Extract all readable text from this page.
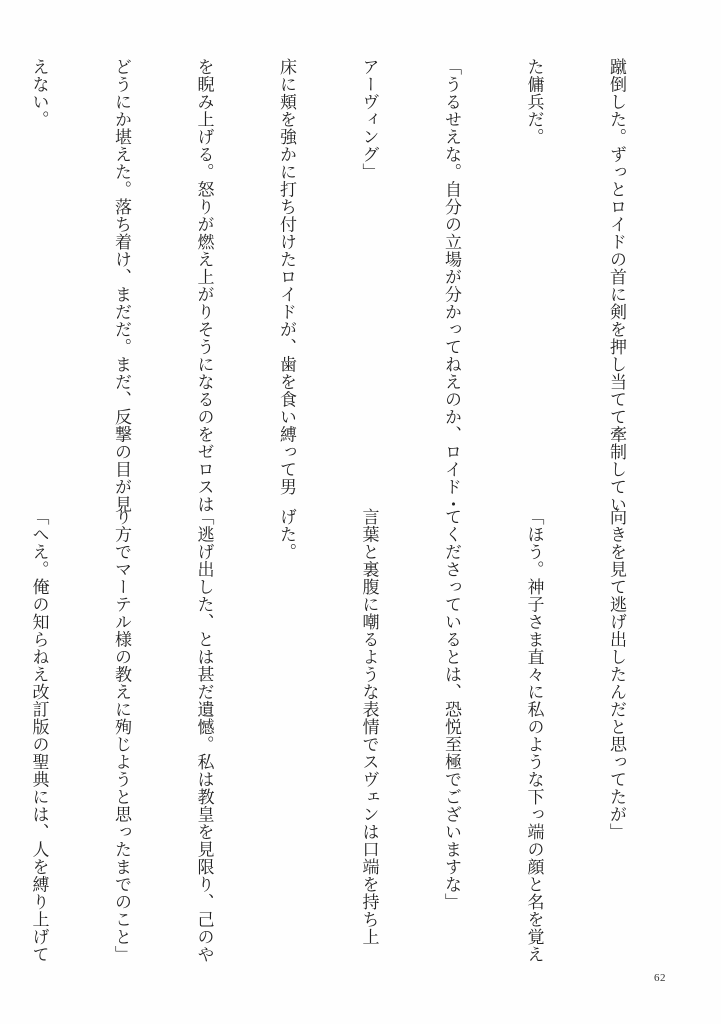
蹴倒した。ずっとロイドの首に剣を押し当てて牽制してい

た傭兵だ。

「うるせえな。自分の立場が分かってねえのか、ロイド・

アーヴィング」

床に頬を強かに打ち付けたロイドが、歯を食い縛って男

を睨み上げる。怒りが燃え上がりそうになるのをゼロスは

どうにか堪えた。落ち着け、まだだ。まだ、反撃の目が見

えない。

向きを見て逃げ出したんだと思ってたが」

「ほう。神子さま直々に私のような下っ端の顔と名を覚え

てくださっているとは、恐悦至極でございますな」

言葉と裏腹に嘲るような表情でスヴェンは口端を持ち上

げた。

「逃げ出した、とは甚だ遺憾。私は教皇を見限り、己のや

り方でマーテル様の教えに殉じようと思ったまでのこと」

「へえ。俺の知らねえ改訂版の聖典には、人を縛り上げて

62
